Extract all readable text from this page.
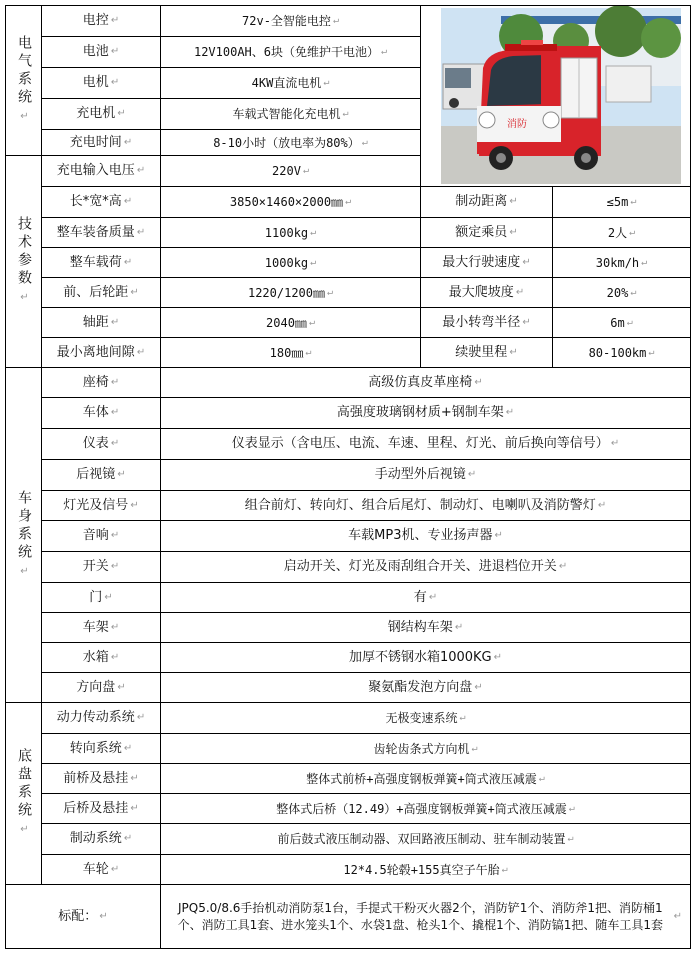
电气系统
↵
电控 ↵	72v-全智能电控 ↵
电池 ↵	12V100AH、6块（免维护干电池） ↵
电机 ↵	4KW直流电机 ↵
充电机 ↵	车载式智能化充电机 ↵
充电时间 ↵	8-10小时（放电率为80%） ↵
技术参数
↵
充电输入电压 ↵	220V ↵
长*宽*高 ↵	3850×1460×2000㎜ ↵	制动距离 ↵	≤5m ↵
整车装备质量 ↵	1100kg ↵	额定乘员 ↵	2人 ↵
整车载荷 ↵	1000kg ↵	最大行驶速度 ↵	30km/h ↵
前、后轮距 ↵	1220/1200㎜ ↵	最大爬坡度 ↵	20% ↵
轴距 ↵	2040㎜ ↵	最小转弯半径 ↵	6m ↵
最小离地间隙 ↵	180㎜ ↵	续驶里程 ↵	80-100km ↵
消防
车身系统
↵
座椅 ↵	高级仿真皮革座椅 ↵
车体 ↵	高强度玻璃钢材质+钢制车架 ↵
仪表 ↵	仪表显示（含电压、电流、车速、里程、灯光、前后换向等信号） ↵
后视镜 ↵	手动型外后视镜 ↵
灯光及信号 ↵	组合前灯、转向灯、组合后尾灯、制动灯、电喇叭及消防警灯 ↵
音响 ↵	车载MP3机、专业扬声器 ↵
开关 ↵	启动开关、灯光及雨刮组合开关、进退档位开关 ↵
门 ↵	有 ↵
车架 ↵	钢结构车架 ↵
水箱 ↵	加厚不锈钢水箱1000KG ↵
方向盘 ↵	聚氨酯发泡方向盘 ↵
底盘系统
↵
动力传动系统 ↵	无极变速系统 ↵
转向系统 ↵	齿轮齿条式方向机 ↵
前桥及悬挂 ↵	整体式前桥+高强度钢板弹簧+筒式液压减震 ↵
后桥及悬挂 ↵	整体式后桥（12.49）+高强度钢板弹簧+筒式液压减震 ↵
制动系统 ↵	前后鼓式液压制动器、双回路液压制动、驻车制动装置 ↵
车轮 ↵	12*4.5轮毂+155真空子午胎 ↵
标配： ↵
JPQ5.0/8.6手抬机动消防泵1台，手提式干粉灭火器2个，消防铲1个、消防斧1把、消防桶1个、消防工具1套、进水笼头1个、水袋1盘、枪头1个、撬棍1个、消防镐1把、随车工具1套
↵
